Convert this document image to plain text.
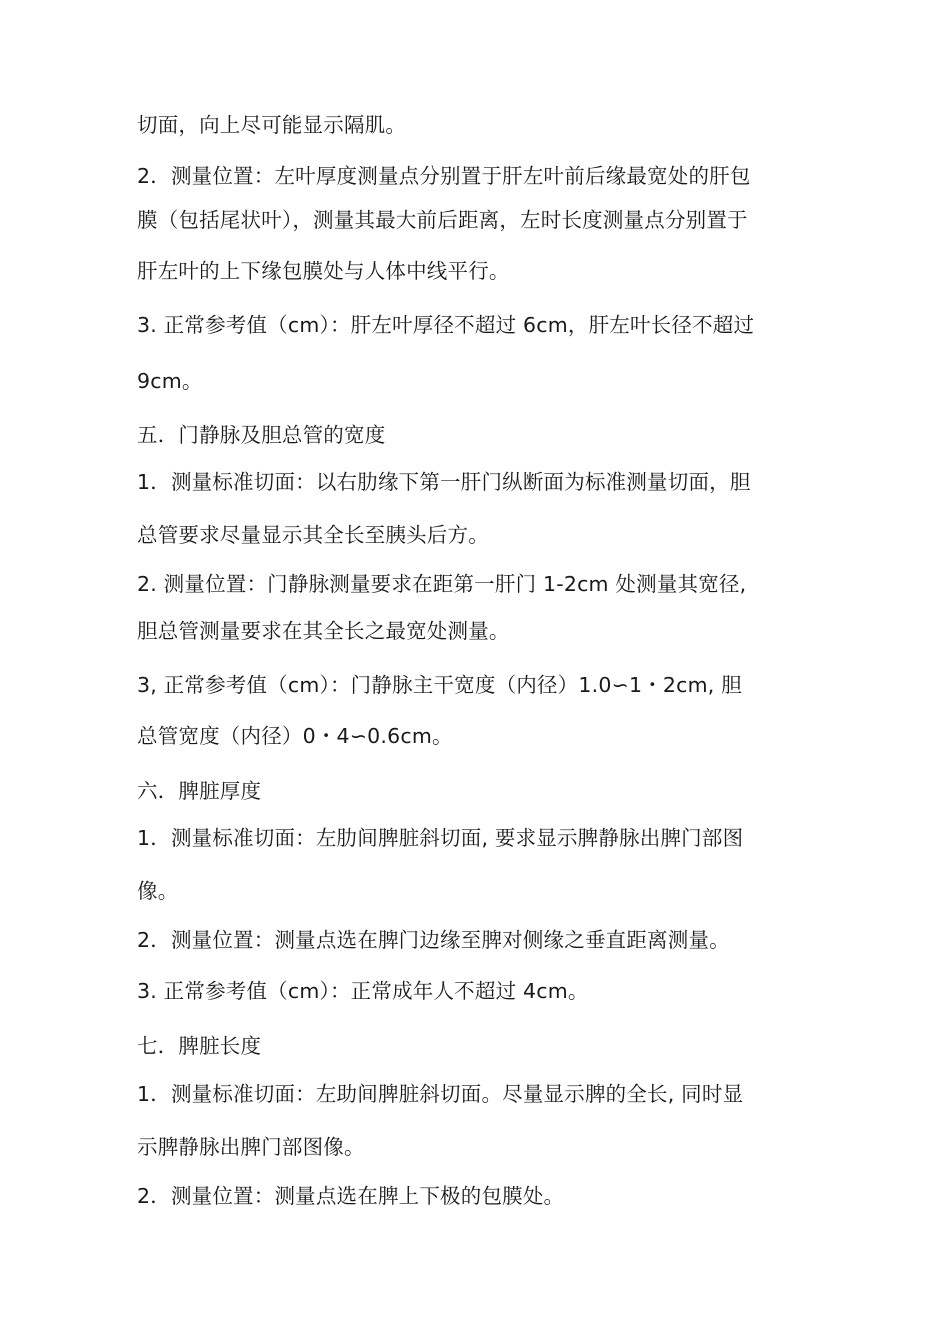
切面，向上尽可能显示隔肌。
2．测量位置：左叶厚度测量点分别置于肝左叶前后缘最宽处的肝包
膜（包括尾状叶），测量其最大前后距离，左时长度测量点分别置于
肝左叶的上下缘包膜处与人体中线平行。
3. 正常参考值（cm）：肝左叶厚径不超过 6cm，肝左叶长径不超过
9cm。
五．门静脉及胆总管的宽度
1．测量标准切面：以右肋缘下第一肝门纵断面为标准测量切面，胆
总管要求尽量显示其全长至胰头后方。
2. 测量位置：门静脉测量要求在距第一肝门 1-2cm 处测量其宽径,
胆总管测量要求在其全长之最宽处测量。
3, 正常参考值（cm）：门静脉主干宽度（内径）1.0∽1・2cm, 胆
总管宽度（内径）0・4∽0.6cm。
六．脾脏厚度
1．测量标准切面：左肋间脾脏斜切面, 要求显示脾静脉出脾门部图
像。
2．测量位置：测量点选在脾门边缘至脾对侧缘之垂直距离测量。
3. 正常参考值（cm）：正常成年人不超过 4cm。
七．脾脏长度
1．测量标准切面：左助间脾脏斜切面。尽量显示脾的全长, 同时显
示脾静脉出脾门部图像。
2．测量位置：测量点选在脾上下极的包膜处。
